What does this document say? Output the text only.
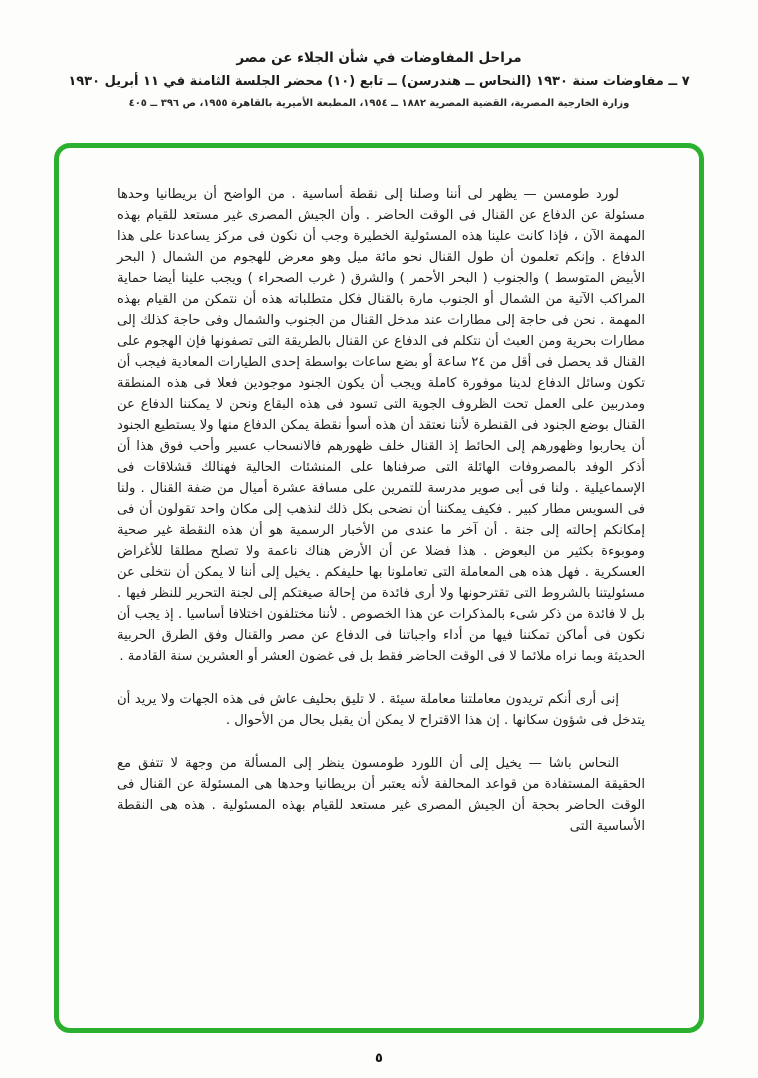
مراحل المفاوضات في شأن الجلاء عن مصر
٧ ــ مفاوضات سنة ١٩٣٠ (النحاس ــ هندرسن) ــ تابع (١٠) محضر الجلسة الثامنة في ١١ أبريل ١٩٣٠
وزارة الخارجية المصرية، القضية المصرية ١٨٨٢ ــ ١٩٥٤، المطبعة الأميرية بالقاهرة ١٩٥٥، ص ٣٩٦ ــ ٤٠٥

لورد طومسن — يظهر لى أننا وصلنا إلى نقطة أساسية . من الواضح أن بريطانيا وحدها مسئولة عن الدفاع عن القنال فى الوقت الحاضر . وأن الجيش المصرى غير مستعد للقيام بهذه المهمة الآن ، فإذا كانت علينا هذه المسئولية الخطيرة وجب أن نكون فى مركز يساعدنا على هذا الدفاع . وإنكم تعلمون أن طول القنال نحو مائة ميل وهو معرض للهجوم من الشمال ( البحر الأبيض المتوسط ) والجنوب ( البحر الأحمر ) والشرق ( غرب الصحراء ) ويجب علينا أيضا حماية المراكب الآتية من الشمال أو الجنوب مارة بالقنال فكل متطلباته هذه أن نتمكن من القيام بهذه المهمة . نحن فى حاجة إلى مطارات عند مدخل القنال من الجنوب والشمال وفى حاجة كذلك إلى مطارات بحرية ومن العبث أن نتكلم فى الدفاع عن القنال بالطريقة التى تصفونها فإن الهجوم على القنال قد يحصل فى أقل من ٢٤ ساعة أو بضع ساعات بواسطة إحدى الطيارات المعادية فيجب أن تكون وسائل الدفاع لدينا موفورة كاملة ويجب أن يكون الجنود موجودين فعلا فى هذه المنطقة ومدربين على العمل تحت الظروف الجوية التى تسود فى هذه البقاع ونحن لا يمكننا الدفاع عن القنال بوضع الجنود فى القنطرة لأننا نعتقد أن هذه أسوأ نقطة يمكن الدفاع منها ولا يستطيع الجنود أن يحاربوا وظهورهم إلى الحائط إذ القنال خلف ظهورهم فالانسحاب عسير وأحب فوق هذا أن أذكر الوفد بالمصروفات الهائلة التى صرفناها على المنشئات الحالية فهنالك قشلاقات فى الإسماعيلية . ولنا فى أبى صوير مدرسة للتمرين على مسافة عشرة أميال من ضفة القنال . ولنا فى السويس مطار كبير . فكيف يمكننا أن نضحى بكل ذلك لنذهب إلى مكان واحد تقولون أن فى إمكانكم إحالته إلى جنة . أن آخر ما عندى من الأخبار الرسمية هو أن هذه النقطة غير صحية وموبوءة بكثير من البعوض . هذا فضلا عن أن الأرض هناك ناعمة ولا تصلح مطلقا للأغراض العسكرية . فهل هذه هى المعاملة التى تعاملونا بها حليفكم . يخيل إلى أننا لا يمكن أن نتخلى عن مسئوليتنا بالشروط التى تقترحونها ولا أرى فائدة من إحالة صيغتكم إلى لجنة التحرير للنظر فيها . بل لا فائدة من ذكر شىء بالمذكرات عن هذا الخصوص . لأننا مختلفون اختلافا أساسيا . إذ يجب أن نكون فى أماكن تمكننا فيها من أداء واجباتنا فى الدفاع عن مصر والقنال وفق الطرق الحربية الحديثة وبما نراه ملائما لا فى الوقت الحاضر فقط بل فى غضون العشر أو العشرين سنة القادمة .

إنى أرى أنكم تريدون معاملتنا معاملة سيئة . لا تليق بحليف عاش فى هذه الجهات ولا يريد أن يتدخل فى شؤون سكانها . إن هذا الاقتراح لا يمكن أن يقبل بحال من الأحوال .

النحاس باشا — يخيل إلى أن اللورد طومسون ينظر إلى المسألة من وجهة لا تتفق مع الحقيقة المستفادة من قواعد المحالفة لأنه يعتبر أن بريطانيا وحدها هى المسئولة عن القنال فى الوقت الحاضر بحجة أن الجيش المصرى غير مستعد للقيام بهذه المسئولية . هذه هى النقطة الأساسية التى

٥
